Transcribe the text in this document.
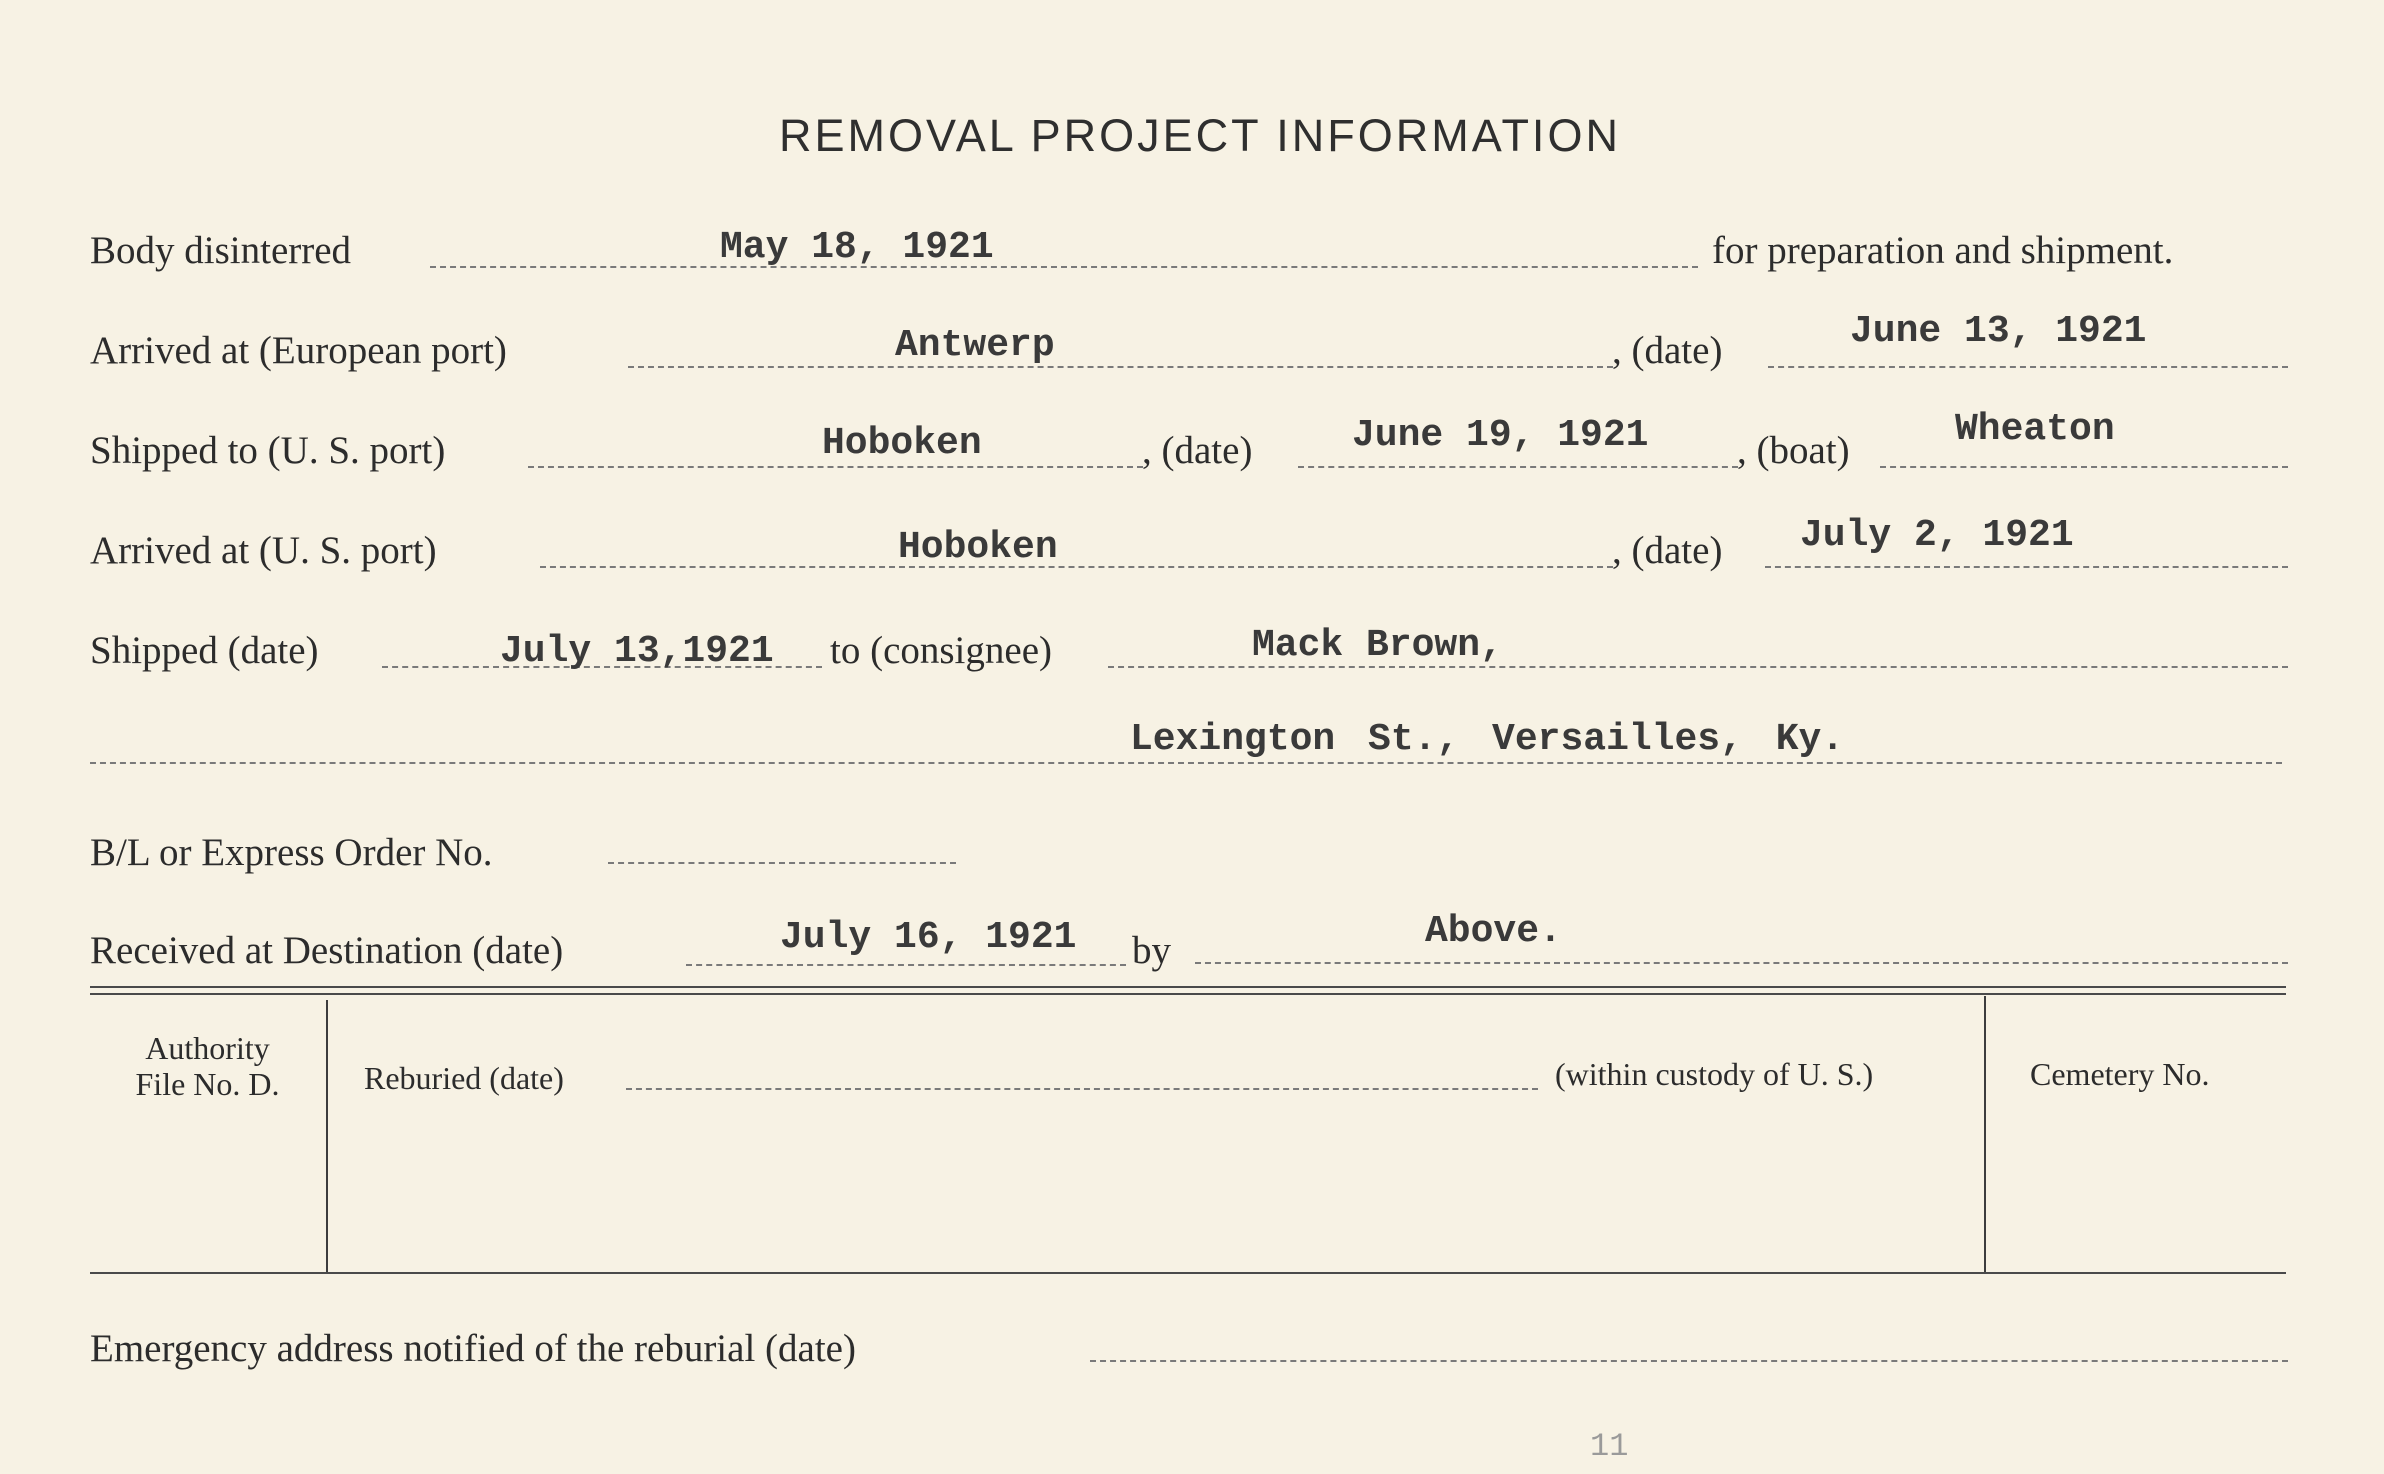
REMOVAL PROJECT INFORMATION
Body disinterred	May 18, 1921	for preparation and shipment.
Arrived at (European port)	Antwerp	, (date)	June 13, 1921
Shipped to (U. S. port)	Hoboken	, (date)	June 19, 1921 , (boat)	Wheaton
Arrived at (U. S. port)	Hoboken	, (date) July 2, 1921
Shipped (date)	July 13,1921 to (consignee)	Mack Brown,
Lexington St., Versailles, Ky.
B/L or Express Order No.
Received at Destination (date)	July 16, 1921 by	Above.
Authority
File No. D.	Reburied (date)	(within custody of U. S.)	Cemetery No.
Emergency address notified of the reburial (date)
11
